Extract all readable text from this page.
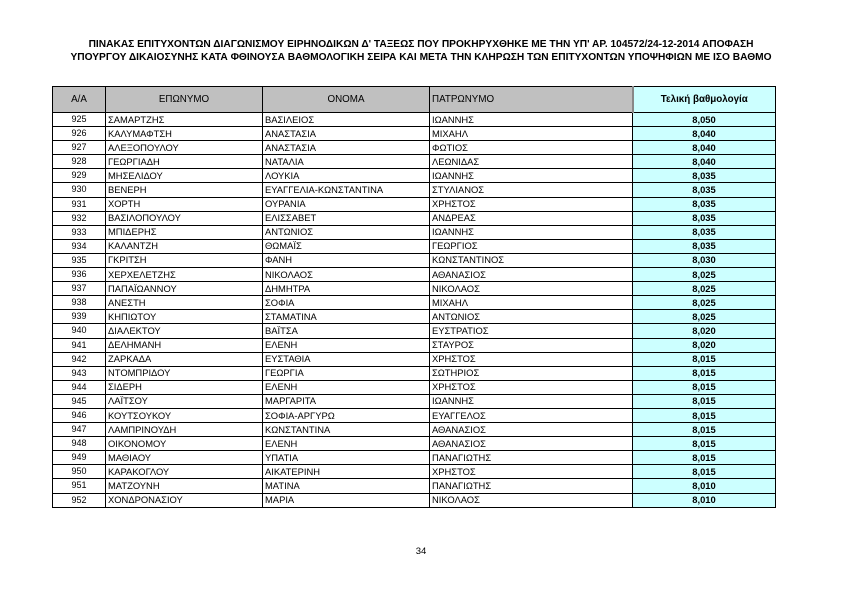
ΠΙΝΑΚΑΣ ΕΠΙΤΥΧΟΝΤΩΝ ΔΙΑΓΩΝΙΣΜΟΥ ΕΙΡΗΝΟΔΙΚΩΝ Δ' ΤΑΞΕΩΣ ΠΟΥ ΠΡΟΚΗΡΥΧΘΗΚΕ ΜΕ ΤΗΝ ΥΠ' ΑΡ. 104572/24-12-2014 ΑΠΟΦΑΣΗ
ΥΠΟΥΡΓΟΥ ΔΙΚΑΙΟΣΥΝΗΣ ΚΑΤΑ ΦΘΙΝΟΥΣΑ ΒΑΘΜΟΛΟΓΙΚΗ ΣΕΙΡΑ ΚΑΙ ΜΕΤΑ ΤΗΝ ΚΛΗΡΩΣΗ ΤΩΝ ΕΠΙΤΥΧΟΝΤΩΝ ΥΠΟΨΗΦΙΩΝ ΜΕ ΙΣΟ ΒΑΘΜΟ
Α/Α	ΕΠΩΝΥΜΟ	ΟΝΟΜΑ	ΠΑΤΡΩΝΥΜΟ	Τελική βαθμολογία
925	ΣΑΜΑΡΤΖΗΣ	ΒΑΣΙΛΕΙΟΣ	ΙΩΑΝΝΗΣ	8,050
926	ΚΑΛΥΜΑΦΤΣΗ	ΑΝΑΣΤΑΣΙΑ	ΜΙΧΑΗΛ	8,040
927	ΑΛΕΞΟΠΟΥΛΟΥ	ΑΝΑΣΤΑΣΙΑ	ΦΩΤΙΟΣ	8,040
928	ΓΕΩΡΓΙΑΔΗ	ΝΑΤΑΛΙΑ	ΛΕΩΝΙΔΑΣ	8,040
929	ΜΗΣΕΛΙΔΟΥ	ΛΟΥΚΙΑ	ΙΩΑΝΝΗΣ	8,035
930	ΒΕΝΕΡΗ	ΕΥΑΓΓΕΛΙΑ-ΚΩΝΣΤΑΝΤΙΝΑ	ΣΤΥΛΙΑΝΟΣ	8,035
931	ΧΟΡΤΗ	ΟΥΡΑΝΙΑ	ΧΡΗΣΤΟΣ	8,035
932	ΒΑΣΙΛΟΠΟΥΛΟΥ	ΕΛΙΣΣΑΒΕΤ	ΑΝΔΡΕΑΣ	8,035
933	ΜΠΙΔΕΡΗΣ	ΑΝΤΩΝΙΟΣ	ΙΩΑΝΝΗΣ	8,035
934	ΚΑΛΑΝΤΖΗ	ΘΩΜΑΪΣ	ΓΕΩΡΓΙΟΣ	8,035
935	ΓΚΡΙΤΣΗ	ΦΑΝΗ	ΚΩΝΣΤΑΝΤΙΝΟΣ	8,030
936	ΧΕΡΧΕΛΕΤΖΗΣ	ΝΙΚΟΛΑΟΣ	ΑΘΑΝΑΣΙΟΣ	8,025
937	ΠΑΠΑΪΩΑΝΝΟΥ	ΔΗΜΗΤΡΑ	ΝΙΚΟΛΑΟΣ	8,025
938	ΑΝΕΣΤΗ	ΣΟΦΙΑ	ΜΙΧΑΗΛ	8,025
939	ΚΗΠΙΩΤΟΥ	ΣΤΑΜΑΤΙΝΑ	ΑΝΤΩΝΙΟΣ	8,025
940	ΔΙΑΛΕΚΤΟΥ	ΒΑΪΤΣΑ	ΕΥΣΤΡΑΤΙΟΣ	8,020
941	ΔΕΛΗΜΑΝΗ	ΕΛΕΝΗ	ΣΤΑΥΡΟΣ	8,020
942	ΖΑΡΚΑΔΑ	ΕΥΣΤΑΘΙΑ	ΧΡΗΣΤΟΣ	8,015
943	ΝΤΟΜΠΡΙΔΟΥ	ΓΕΩΡΓΙΑ	ΣΩΤΗΡΙΟΣ	8,015
944	ΣΙΔΕΡΗ	ΕΛΕΝΗ	ΧΡΗΣΤΟΣ	8,015
945	ΛΑΪΤΣΟΥ	ΜΑΡΓΑΡΙΤΑ	ΙΩΑΝΝΗΣ	8,015
946	ΚΟΥΤΣΟΥΚΟΥ	ΣΟΦΙΑ-ΑΡΓΥΡΩ	ΕΥΑΓΓΕΛΟΣ	8,015
947	ΛΑΜΠΡΙΝΟΥΔΗ	ΚΩΝΣΤΑΝΤΙΝΑ	ΑΘΑΝΑΣΙΟΣ	8,015
948	ΟΙΚΟΝΟΜΟΥ	ΕΛΕΝΗ	ΑΘΑΝΑΣΙΟΣ	8,015
949	ΜΑΘΙΑΟΥ	ΥΠΑΤΙΑ	ΠΑΝΑΓΙΩΤΗΣ	8,015
950	ΚΑΡΑΚΟΓΛΟΥ	ΑΙΚΑΤΕΡΙΝΗ	ΧΡΗΣΤΟΣ	8,015
951	ΜΑΤΖΟΥΝΗ	ΜΑΤΙΝΑ	ΠΑΝΑΓΙΩΤΗΣ	8,010
952	ΧΟΝΔΡΟΝΑΣΙΟΥ	ΜΑΡΙΑ	ΝΙΚΟΛΑΟΣ	8,010
34
